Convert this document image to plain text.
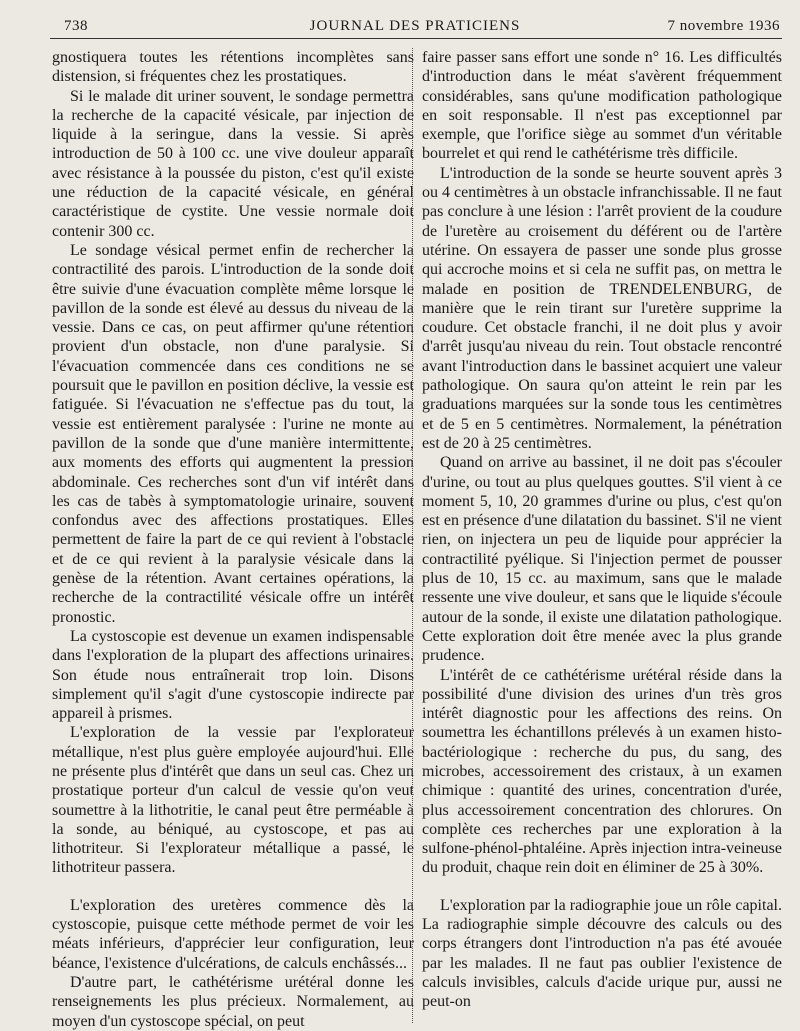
738	JOURNAL DES PRATICIENS	7 novembre 1936

gnostiquera toutes les rétentions incomplètes sans distension, si fréquentes chez les prostatiques.

Si le malade dit uriner souvent, le sondage permettra la recherche de la capacité vésicale, par injection de liquide à la seringue, dans la vessie. Si après introduction de 50 à 100 cc. une vive douleur apparaît avec résistance à la poussée du piston, c'est qu'il existe une réduction de la capacité vésicale, en général caractéristique de cystite. Une vessie normale doit contenir 300 cc.

Le sondage vésical permet enfin de rechercher la contractilité des parois. L'introduction de la sonde doit être suivie d'une évacuation complète même lorsque le pavillon de la sonde est élevé au dessus du niveau de la vessie. Dans ce cas, on peut affirmer qu'une rétention provient d'un obstacle, non d'une paralysie. Si l'évacuation commencée dans ces conditions ne se poursuit que le pavillon en position déclive, la vessie est fatiguée. Si l'évacuation ne s'effectue pas du tout, la vessie est entièrement paralysée : l'urine ne monte au pavillon de la sonde que d'une manière intermittente, aux moments des efforts qui augmentent la pression abdominale. Ces recherches sont d'un vif intérêt dans les cas de tabès à symptomatologie urinaire, souvent confondus avec des affections prostatiques. Elles permettent de faire la part de ce qui revient à l'obstacle et de ce qui revient à la paralysie vésicale dans la genèse de la rétention. Avant certaines opérations, la recherche de la contractilité vésicale offre un intérêt pronostic.

La cystoscopie est devenue un examen indispensable dans l'exploration de la plupart des affections urinaires. Son étude nous entraînerait trop loin. Disons simplement qu'il s'agit d'une cystoscopie indirecte par appareil à prismes.

L'exploration de la vessie par l'explorateur métallique, n'est plus guère employée aujourd'hui. Elle ne présente plus d'intérêt que dans un seul cas. Chez un prostatique porteur d'un calcul de vessie qu'on veut soumettre à la lithotritie, le canal peut être perméable à la sonde, au béniqué, au cystoscope, et pas au lithotriteur. Si l'explorateur métallique a passé, le lithotriteur passera.

L'exploration des uretères commence dès la cystoscopie, puisque cette méthode permet de voir les méats inférieurs, d'apprécier leur configuration, leur béance, l'existence d'ulcérations, de calculs enchâssés...

D'autre part, le cathétérisme urétéral donne les renseignements les plus précieux. Normalement, au moyen d'un cystoscope spécial, on peut

faire passer sans effort une sonde n° 16. Les difficultés d'introduction dans le méat s'avèrent fréquemment considérables, sans qu'une modification pathologique en soit responsable. Il n'est pas exceptionnel par exemple, que l'orifice siège au sommet d'un véritable bourrelet et qui rend le cathétérisme très difficile.

L'introduction de la sonde se heurte souvent après 3 ou 4 centimètres à un obstacle infranchissable. Il ne faut pas conclure à une lésion : l'arrêt provient de la coudure de l'uretère au croisement du déférent ou de l'artère utérine. On essayera de passer une sonde plus grosse qui accroche moins et si cela ne suffit pas, on mettra le malade en position de TRENDELENBURG, de manière que le rein tirant sur l'uretère supprime la coudure. Cet obstacle franchi, il ne doit plus y avoir d'arrêt jusqu'au niveau du rein. Tout obstacle rencontré avant l'introduction dans le bassinet acquiert une valeur pathologique. On saura qu'on atteint le rein par les graduations marquées sur la sonde tous les centimètres et de 5 en 5 centimètres. Normalement, la pénétration est de 20 à 25 centimètres.

Quand on arrive au bassinet, il ne doit pas s'écouler d'urine, ou tout au plus quelques gouttes. S'il vient à ce moment 5, 10, 20 grammes d'urine ou plus, c'est qu'on est en présence d'une dilatation du bassinet. S'il ne vient rien, on injectera un peu de liquide pour apprécier la contractilité pyélique. Si l'injection permet de pousser plus de 10, 15 cc. au maximum, sans que le malade ressente une vive douleur, et sans que le liquide s'écoule autour de la sonde, il existe une dilatation pathologique. Cette exploration doit être menée avec la plus grande prudence.

L'intérêt de ce cathétérisme urétéral réside dans la possibilité d'une division des urines d'un très gros intérêt diagnostic pour les affections des reins. On soumettra les échantillons prélevés à un examen histo-bactériologique : recherche du pus, du sang, des microbes, accessoirement des cristaux, à un examen chimique : quantité des urines, concentration d'urée, plus accessoirement concentration des chlorures. On complète ces recherches par une exploration à la sulfone-phénol-phtaléine. Après injection intra-veineuse du produit, chaque rein doit en éliminer de 25 à 30%.

L'exploration par la radiographie joue un rôle capital. La radiographie simple découvre des calculs ou des corps étrangers dont l'introduction n'a pas été avouée par les malades. Il ne faut pas oublier l'existence de calculs invisibles, calculs d'acide urique pur, aussi ne peut-on
